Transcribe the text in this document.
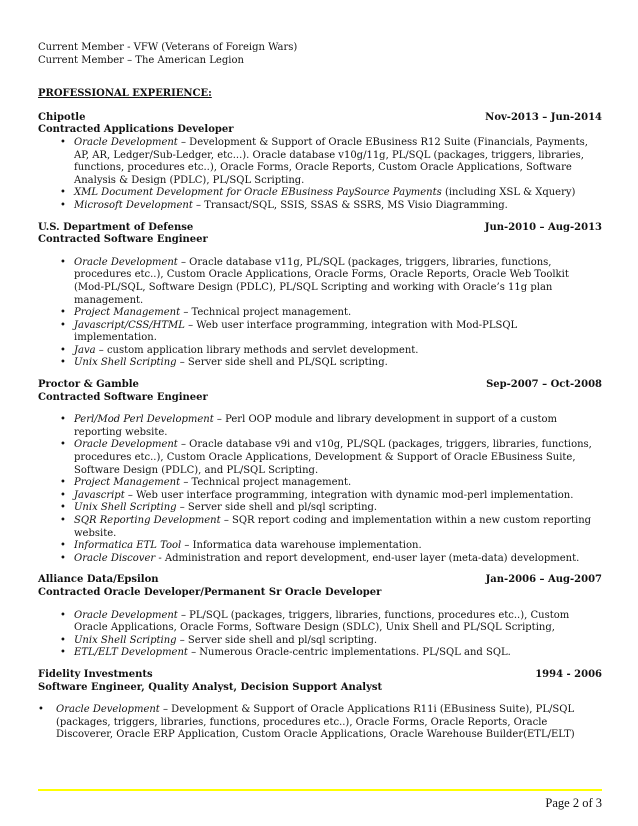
Current Member - VFW (Veterans of Foreign Wars)
Current Member – The American Legion
PROFESSIONAL EXPERIENCE:
Chipotle	Nov-2013 – Jun-2014
Contracted Applications Developer
• Oracle Development – Development & Support of Oracle EBusiness R12 Suite (Financials, Payments,
AP, AR, Ledger/Sub-Ledger, etc...). Oracle database v10g/11g, PL/SQL (packages, triggers, libraries,
functions, procedures etc..), Oracle Forms, Oracle Reports, Custom Oracle Applications, Software
Analysis & Design (PDLC), PL/SQL Scripting.
• XML Document Development for Oracle EBusiness PaySource Payments (including XSL & Xquery)
• Microsoft Development – Transact/SQL, SSIS, SSAS & SSRS, MS Visio Diagramming.
U.S. Department of Defense	Jun-2010 – Aug-2013
Contracted Software Engineer
• Oracle Development – Oracle database v11g, PL/SQL (packages, triggers, libraries, functions,
procedures etc..), Custom Oracle Applications, Oracle Forms, Oracle Reports, Oracle Web Toolkit
(Mod-PL/SQL, Software Design (PDLC), PL/SQL Scripting and working with Oracle’s 11g plan
management.
• Project Management – Technical project management.
• Javascript/CSS/HTML – Web user interface programming, integration with Mod-PLSQL
implementation.
• Java – custom application library methods and servlet development.
• Unix Shell Scripting – Server side shell and PL/SQL scripting.
Proctor & Gamble	Sep-2007 – Oct-2008
Contracted Software Engineer
• Perl/Mod Perl Development – Perl OOP module and library development in support of a custom
reporting website.
• Oracle Development – Oracle database v9i and v10g, PL/SQL (packages, triggers, libraries, functions,
procedures etc..), Custom Oracle Applications, Development & Support of Oracle EBusiness Suite,
Software Design (PDLC), and PL/SQL Scripting.
• Project Management – Technical project management.
• Javascript – Web user interface programming, integration with dynamic mod-perl implementation.
• Unix Shell Scripting – Server side shell and pl/sql scripting.
• SQR Reporting Development – SQR report coding and implementation within a new custom reporting
website.
• Informatica ETL Tool – Informatica data warehouse implementation.
• Oracle Discover - Administration and report development, end-user layer (meta-data) development.
Alliance Data/Epsilon	Jan-2006 – Aug-2007
Contracted Oracle Developer/Permanent Sr Oracle Developer
• Oracle Development – PL/SQL (packages, triggers, libraries, functions, procedures etc..), Custom
Oracle Applications, Oracle Forms, Software Design (SDLC), Unix Shell and PL/SQL Scripting,
• Unix Shell Scripting – Server side shell and pl/sql scripting.
• ETL/ELT Development – Numerous Oracle-centric implementations. PL/SQL and SQL.
Fidelity Investments	1994 - 2006
Software Engineer, Quality Analyst, Decision Support Analyst
• Oracle Development – Development & Support of Oracle Applications R11i (EBusiness Suite), PL/SQL
(packages, triggers, libraries, functions, procedures etc..), Oracle Forms, Oracle Reports, Oracle
Discoverer, Oracle ERP Application, Custom Oracle Applications, Oracle Warehouse Builder(ETL/ELT)
Page 2 of 3
